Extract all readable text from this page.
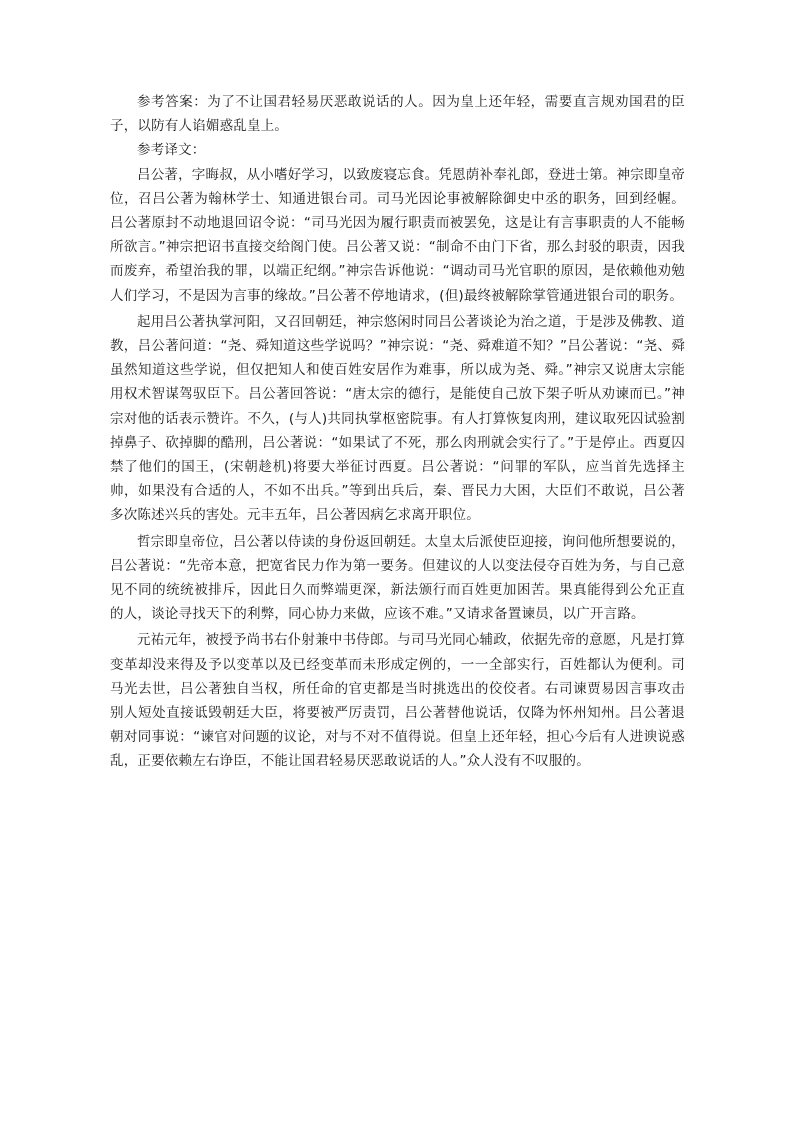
参考答案：为了不让国君轻易厌恶敢说话的人。因为皇上还年轻，需要直言规劝国君的臣子，以防有人谄媚惑乱皇上。

参考译文：

吕公著，字晦叔，从小嗜好学习，以致废寝忘食。凭恩荫补奉礼郎，登进士第。神宗即皇帝位，召吕公著为翰林学士、知通进银台司。司马光因论事被解除御史中丞的职务，回到经幄。吕公著原封不动地退回诏令说：“司马光因为履行职责而被罢免，这是让有言事职责的人不能畅所欲言。”神宗把诏书直接交给阁门使。吕公著又说：“制命不由门下省，那么封驳的职责，因我而废弃，希望治我的罪，以端正纪纲。”神宗告诉他说：“调动司马光官职的原因，是依赖他劝勉人们学习，不是因为言事的缘故。”吕公著不停地请求，(但)最终被解除掌管通进银台司的职务。

起用吕公著执掌河阳，又召回朝廷，神宗悠闲时同吕公著谈论为治之道，于是涉及佛教、道教，吕公著问道：“尧、舜知道这些学说吗？”神宗说：“尧、舜难道不知？”吕公著说：“尧、舜虽然知道这些学说，但仅把知人和使百姓安居作为难事，所以成为尧、舜。”神宗又说唐太宗能用权术智谋驾驭臣下。吕公著回答说：“唐太宗的德行，是能使自己放下架子听从劝谏而已。”神宗对他的话表示赞许。不久，(与人)共同执掌枢密院事。有人打算恢复肉刑，建议取死囚试验割掉鼻子、砍掉脚的酷刑，吕公著说：“如果试了不死，那么肉刑就会实行了。”于是停止。西夏囚禁了他们的国王，(宋朝趁机)将要大举征讨西夏。吕公著说：“问罪的军队，应当首先选择主帅，如果没有合适的人，不如不出兵。”等到出兵后，秦、晋民力大困，大臣们不敢说，吕公著多次陈述兴兵的害处。元丰五年，吕公著因病乞求离开职位。

哲宗即皇帝位，吕公著以侍读的身份返回朝廷。太皇太后派使臣迎接，询问他所想要说的，吕公著说：“先帝本意，把宽省民力作为第一要务。但建议的人以变法侵夺百姓为务，与自己意见不同的统统被排斥，因此日久而弊端更深，新法颁行而百姓更加困苦。果真能得到公允正直的人，谈论寻找天下的利弊，同心协力来做，应该不难。”又请求备置谏员，以广开言路。

元祐元年，被授予尚书右仆射兼中书侍郎。与司马光同心辅政，依据先帝的意愿，凡是打算变革却没来得及予以变革以及已经变革而未形成定例的，一一全部实行，百姓都认为便利。司马光去世，吕公著独自当权，所任命的官吏都是当时挑选出的佼佼者。右司谏贾易因言事攻击别人短处直接诋毁朝廷大臣，将要被严厉责罚，吕公著替他说话，仅降为怀州知州。吕公著退朝对同事说：“谏官对问题的议论，对与不对不值得说。但皇上还年轻，担心今后有人进谀说惑乱，正要依赖左右诤臣，不能让国君轻易厌恶敢说话的人。”众人没有不叹服的。
